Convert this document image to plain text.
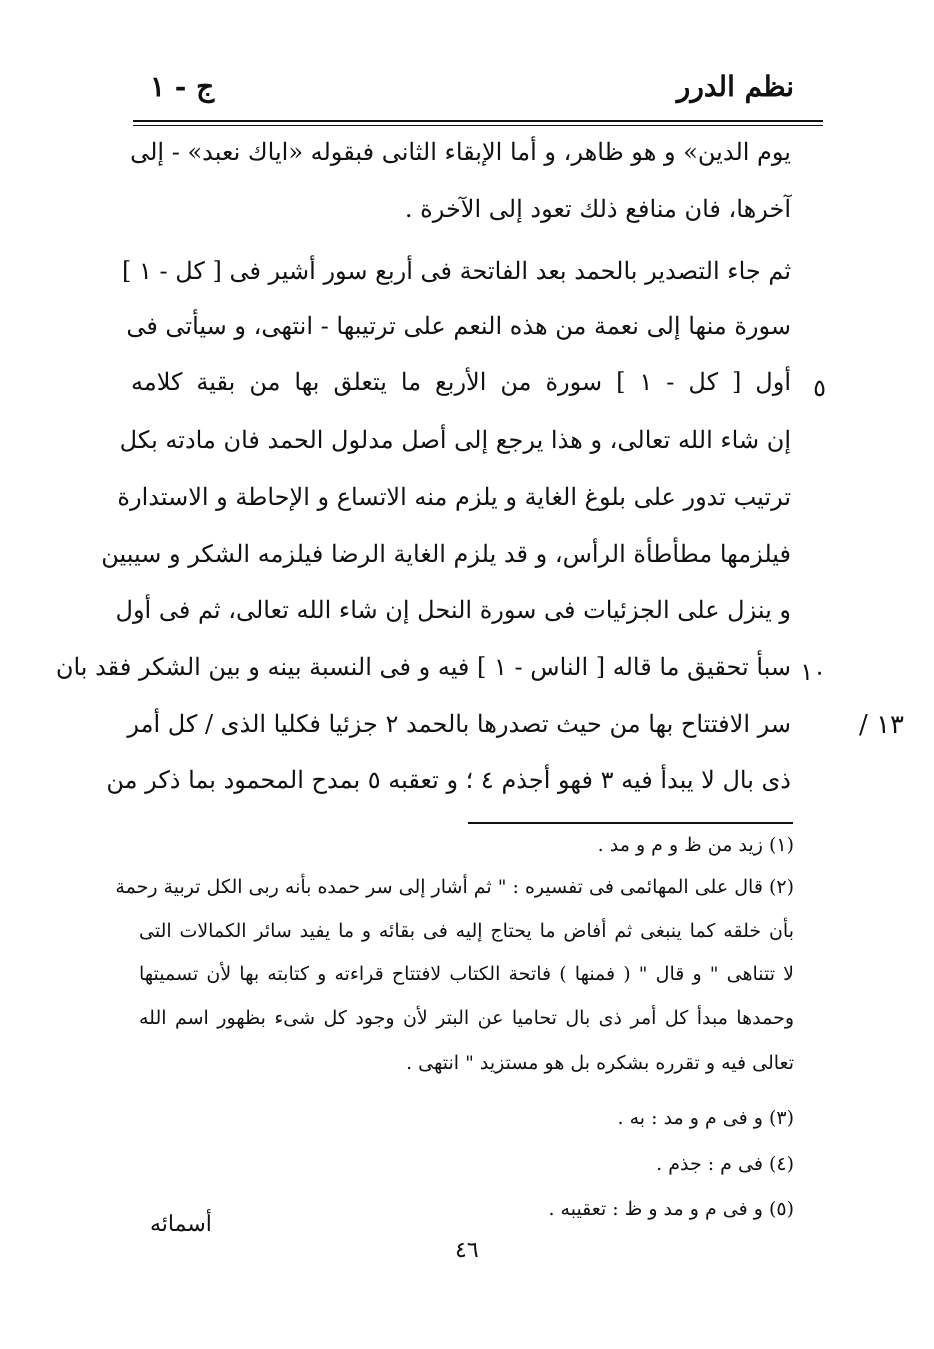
نظم الدرر
ج - ١
يوم الدين» و هو ظاهر، و أما الإبقاء الثانى فبقوله «اياك نعبد» - إلى
آخرها، فان منافع ذلك تعود إلى الآخرة .
ثم جاء التصدير بالحمد بعد الفاتحة فى أربع سور أشير فى [ كل - ١ ]
سورة منها إلى نعمة من هذه النعم على ترتيبها - انتهى، و سيأتى فى
أول [ كل - ١ ] سورة من الأربع ما يتعلق بها من بقية كلامه
إن شاء الله تعالى، و هذا يرجع إلى أصل مدلول الحمد فان مادته بكل
ترتيب تدور على بلوغ الغاية و يلزم منه الاتساع و الإحاطة و الاستدارة
فيلزمها مطأطأة الرأس، و قد يلزم الغاية الرضا فيلزمه الشكر و سيبين
و ينزل على الجزئيات فى سورة النحل إن شاء الله تعالى، ثم فى أول
سبأ تحقيق ما قاله [ الناس - ١ ] فيه و فى النسبة بينه و بين الشكر فقد بان
سر الافتتاح بها من حيث تصدرها بالحمد ٢ جزئيا فكليا الذى / كل أمر
ذى بال لا يبدأ فيه ٣ فهو أجذم ٤ ؛ و تعقبه ٥ بمدح المحمود بما ذكر من
٥
١٠
١٣ /
(١) زيد من ظ و م و مد .
(٢) قال على المهائمى فى تفسيره : " ثم أشار إلى سر حمده بأنه ربى الكل تربية رحمة
بأن خلقه كما ينبغى ثم أفاض ما يحتاج إليه فى بقائه و ما يفيد سائر الكمالات التى
لا تتناهى " و قال " ( فمنها ) فاتحة الكتاب لافتتاح قراءته و كتابته بها لأن تسميتها
وحمدها مبدأ كل أمر ذى بال تحاميا عن البتر لأن وجود كل شىء بظهور اسم الله
تعالى فيه و تقرره بشكره بل هو مستزيد " انتهى .
(٣) و فى م و مد : به .
(٤) فى م : جذم .
(٥) و فى م و مد و ظ : تعقيبه .
أسمائه
٤٦
